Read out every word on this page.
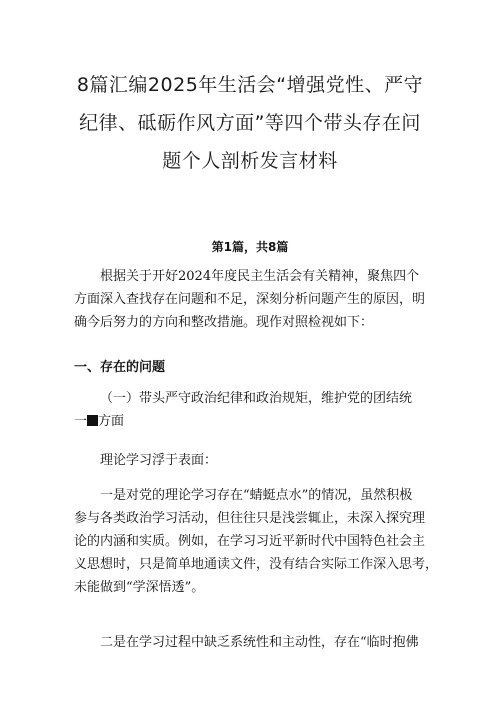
8篇汇编2025年生活会“增强党性、严守
纪律、砥砺作风方面”等四个带头存在问
题个人剖析发言材料
第1篇，共8篇
根据关于开好2024年度民主生活会有关精神，聚焦四个
方面深入查找存在问题和不足，深刻分析问题产生的原因，明
确今后努力的方向和整改措施。现作对照检视如下：
一、存在的问题
（一）带头严守政治纪律和政治规矩，维护党的团结统
一 方面
理论学习浮于表面：
一是对党的理论学习存在“蜻蜓点水”的情况，虽然积极
参与各类政治学习活动，但往往只是浅尝辄止，未深入探究理
论的内涵和实质。例如，在学习习近平新时代中国特色社会主
义思想时，只是简单地通读文件，没有结合实际工作深入思考，
未能做到“学深悟透”。
二是在学习过程中缺乏系统性和主动性，存在“临时抱佛
